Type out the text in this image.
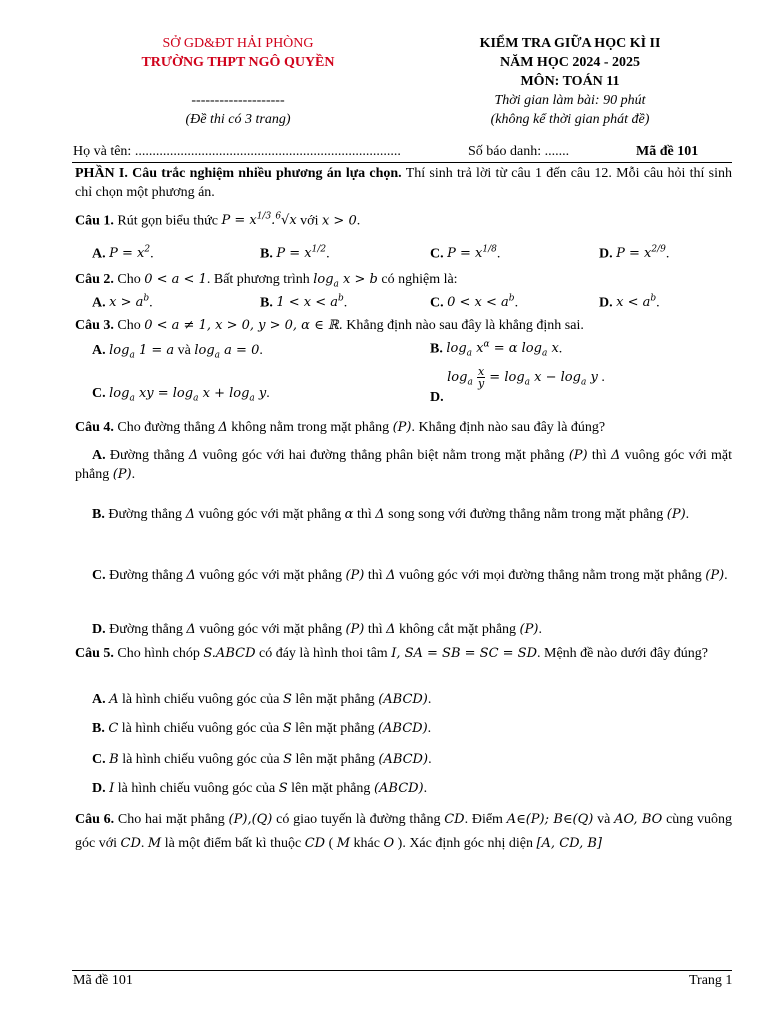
SỞ GD&ĐT HẢI PHÒNG
TRƯỜNG THPT NGÔ QUYỀN
--------------------
(Đề thi có 3 trang)
KIỂM TRA GIỮA HỌC KÌ II
NĂM HỌC 2024 - 2025
MÔN: TOÁN 11
Thời gian làm bài: 90 phút
(không kể thời gian phát đề)
Họ và tên: ............................................................................	Số báo danh: .......	Mã đề 101
PHẦN I. Câu trắc nghiệm nhiều phương án lựa chọn. Thí sinh trả lời từ câu 1 đến câu 12. Mỗi câu hỏi thí sinh chỉ chọn một phương án.
Câu 1. Rút gọn biểu thức $P = x^{1/3}.^6√x$ với x > 0.
A. $P = x^2$.	B. $P = x^{1/2}$.	C. $P = x^{1/8}$.	D. $P = x^{2/9}$.
Câu 2. Cho 0 < a < 1. Bất phương trình $\log_a x > b$ có nghiệm là:
A. $x > a^b$.	B. $1 < x < a^b$.	C. $0 < x < a^b$.	D. $x < a^b$.
Câu 3. Cho 0 < a ≠ 1, x > 0, y > 0, α ∈ ℝ. Khẳng định nào sau đây là khẳng định sai.
A. $\log_a 1 = a$ và $\log_a a = 0$.	B. $\log_a x^\alpha = \alpha$ $\log_a x$.
C. $\log_a$ xy = $\log_a x + \log_a y$.	D. $\log_a \frac{x}{y} = \log_a x - \log_a y$ .
Câu 4. Cho đường thẳng Δ không nằm trong mặt phẳng (P). Khẳng định nào sau đây là đúng?
A. Đường thẳng Δ vuông góc với hai đường thẳng phân biệt nằm trong mặt phẳng (P) thì Δ vuông góc với mặt phẳng (P).
B. Đường thẳng Δ vuông góc với mặt phẳng α thì Δ song song với đường thẳng nằm trong mặt phẳng (P).
C. Đường thẳng Δ vuông góc với mặt phẳng (P) thì Δ vuông góc với mọi đường thẳng nằm trong mặt phẳng (P).
D. Đường thẳng Δ vuông góc với mặt phẳng (P) thì Δ không cắt mặt phẳng (P).
Câu 5. Cho hình chóp S.ABCD có đáy là hình thoi tâm I, SA = SB = SC = SD. Mệnh đề nào dưới đây đúng?
A. A là hình chiếu vuông góc của S lên mặt phẳng (ABCD).
B. C là hình chiếu vuông góc của S lên mặt phẳng (ABCD).
C. B là hình chiếu vuông góc của S lên mặt phẳng (ABCD).
D. I là hình chiếu vuông góc của S lên mặt phẳng (ABCD).
Câu 6. Cho hai mặt phẳng (P),(Q) có giao tuyến là đường thẳng CD. Điểm A∈(P); B∈(Q) và AO, BO cùng vuông góc với CD. M là một điểm bất kì thuộc CD ( M khác O ). Xác định góc nhị diện [A, CD, B]
Mã đề 101	Trang 1
